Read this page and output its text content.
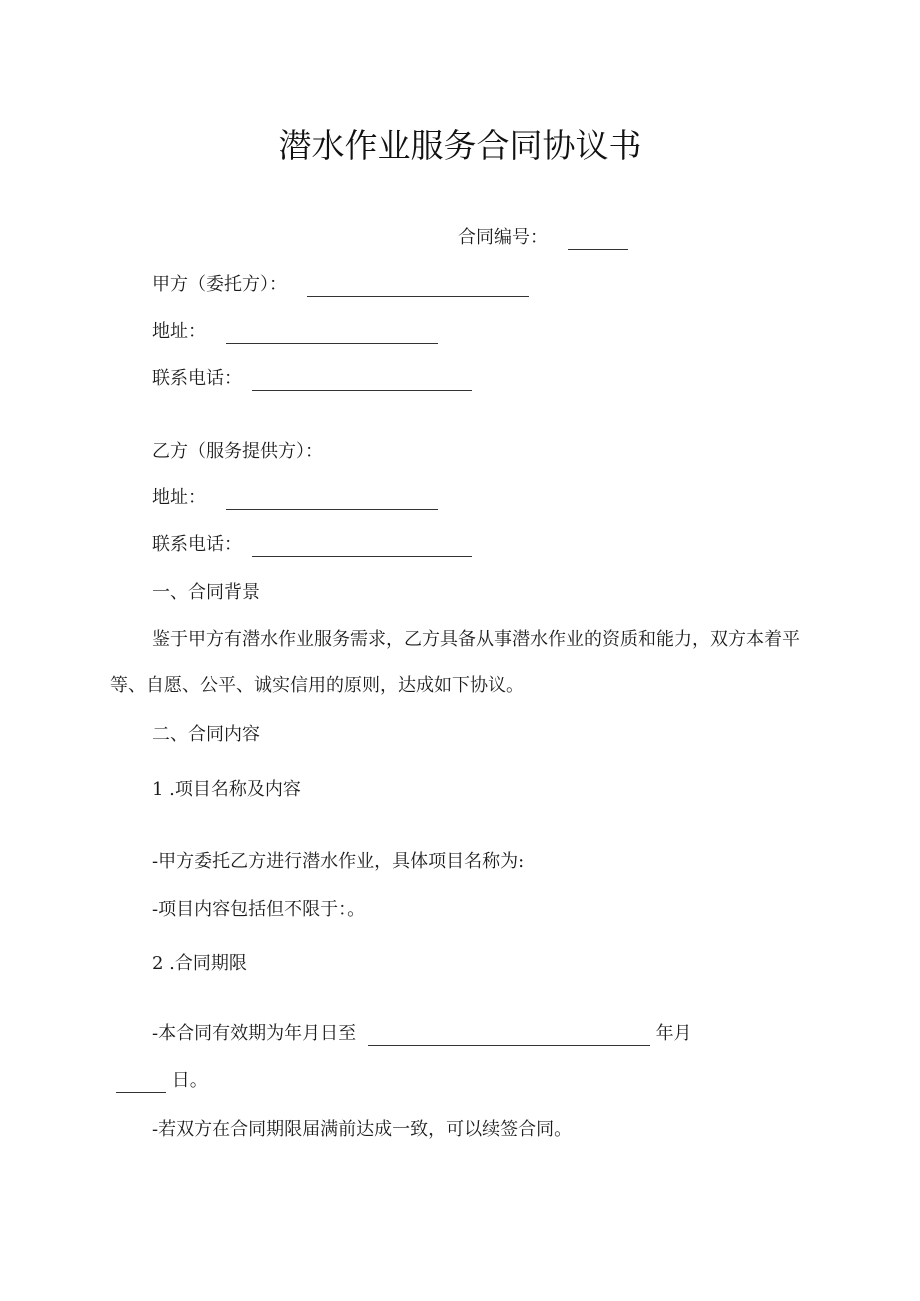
潜水作业服务合同协议书
合同编号：
甲方（委托方）：
地址：
联系电话：
乙方（服务提供方）：
地址：
联系电话：
一、合同背景
鉴于甲方有潜水作业服务需求，乙方具备从事潜水作业的资质和能力，双方本着平等、自愿、公平、诚实信用的原则，达成如下协议。
二、合同内容
1 .项目名称及内容
-甲方委托乙方进行潜水作业，具体项目名称为:
-项目内容包括但不限于：。
2 .合同期限
-本合同有效期为年月日至	年月
日。
-若双方在合同期限届满前达成一致，可以续签合同。
